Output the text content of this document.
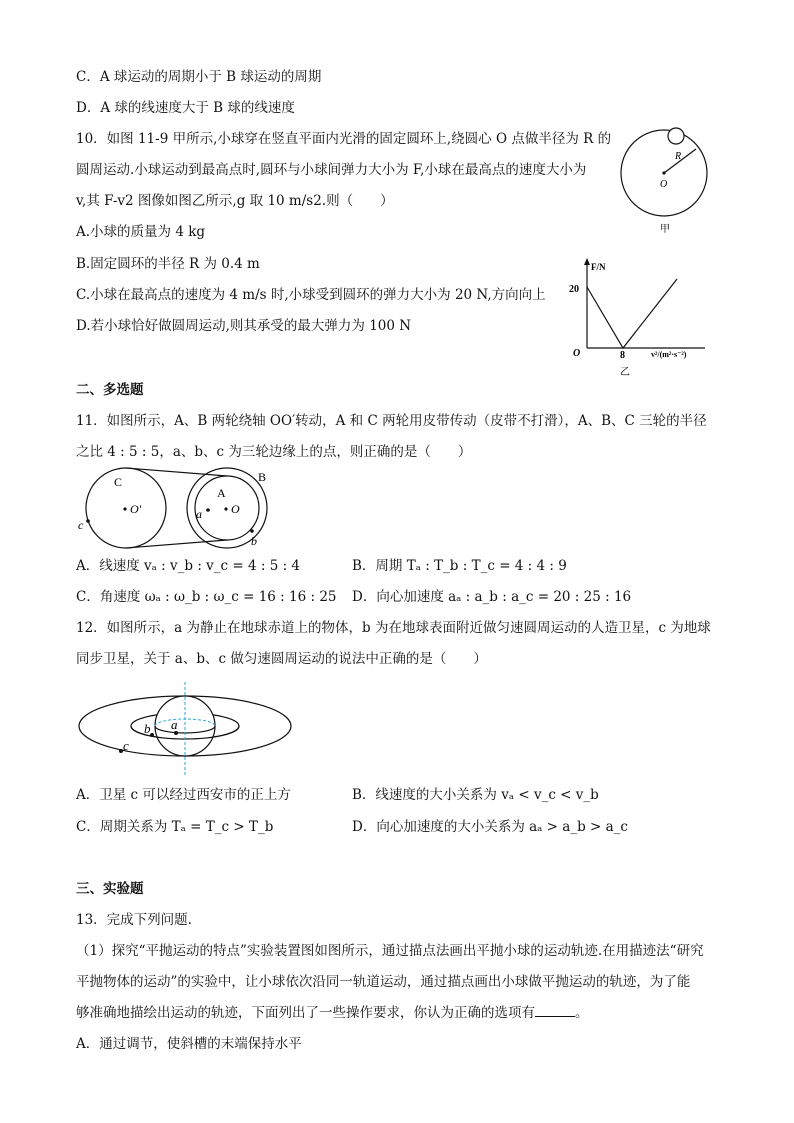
C．A 球运动的周期小于 B 球运动的周期
D．A 球的线速度大于 B 球的线速度
10．如图 11-9 甲所示,小球穿在竖直平面内光滑的固定圆环上,绕圆心 O 点做半径为 R 的
圆周运动.小球运动到最高点时,圆环与小球间弹力大小为 F,小球在最高点的速度大小为
v,其 F-v2 图像如图乙所示,g 取 10 m/s2.则（　　）
A.小球的质量为 4 kg
B.固定圆环的半径 R 为 0.4 m
C.小球在最高点的速度为 4 m/s 时,小球受到圆环的弹力大小为 20 N,方向向上
D.若小球恰好做圆周运动,则其承受的最大弹力为 100 N
R
O
甲
F/N
20
O	8	v²/(m²·s⁻²)
乙
二、多选题
11．如图所示，A、B 两轮绕轴 OO′转动，A 和 C 两轮用皮带传动（皮带不打滑），A、B、C 三轮的半径
之比 4 : 5 : 5，a、b、c 为三轮边缘上的点，则正确的是（　　）
C
A
B
O′	O
a
b
c
A．线速度 vₐ : v_b : v_c = 4 : 5 : 4	B．周期 Tₐ : T_b : T_c = 4 : 4 : 9
C．角速度 ωₐ : ω_b : ω_c = 16 : 16 : 25 D．向心加速度 aₐ : a_b : a_c = 20 : 25 : 16
12．如图所示，a 为静止在地球赤道上的物体，b 为在地球表面附近做匀速圆周运动的人造卫星，c 为地球
同步卫星，关于 a、b、c 做匀速圆周运动的说法中正确的是（　　）
a
b
c
A．卫星 c 可以经过西安市的正上方	B．线速度的大小关系为 vₐ < v_c < v_b
C．周期关系为 Tₐ = T_c > T_b	D．向心加速度的大小关系为 aₐ > a_b > a_c
三、实验题
13．完成下列问题.
（1）探究“平抛运动的特点”实验装置图如图所示，通过描点法画出平抛小球的运动轨迹.在用描迹法“研究
平抛物体的运动”的实验中，让小球依次沿同一轨道运动，通过描点画出小球做平抛运动的轨迹，为了能
够准确地描绘出运动的轨迹，下面列出了一些操作要求，你认为正确的选项有	。
A．通过调节，使斜槽的末端保持水平
